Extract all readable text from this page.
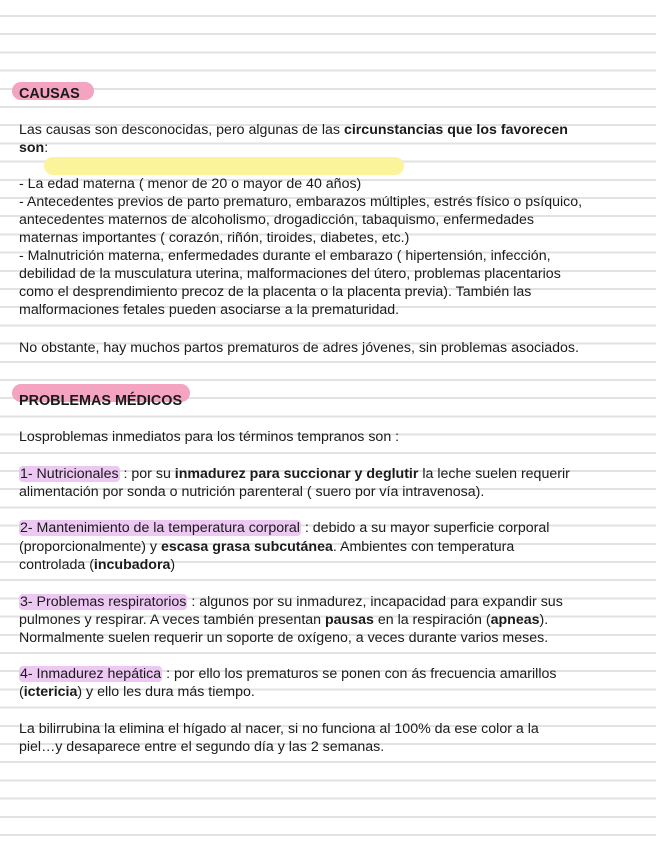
CAUSAS
Las causas son desconocidas, pero algunas de las circunstancias que los favorecen
son:
- La edad materna ( menor de 20 o mayor de 40 años)
- Antecedentes previos de parto prematuro, embarazos múltiples, estrés físico o psíquico,
antecedentes maternos de alcoholismo, drogadicción, tabaquismo, enfermedades
maternas importantes ( corazón, riñón, tiroides, diabetes, etc.)
- Malnutrición materna, enfermedades durante el embarazo ( hipertensión, infección,
debilidad de la musculatura uterina, malformaciones del útero, problemas placentarios
como el desprendimiento precoz de la placenta o la placenta previa). También las
malformaciones fetales pueden asociarse a la prematuridad.
No obstante, hay muchos partos prematuros de adres jóvenes, sin problemas asociados.
PROBLEMAS MÉDICOS
Losproblemas inmediatos para los términos tempranos son :
1- Nutricionales : por su inmadurez para succionar y deglutir la leche suelen requerir
alimentación por sonda o nutrición parenteral ( suero por vía intravenosa).
2- Mantenimiento de la temperatura corporal : debido a su mayor superficie corporal
(proporcionalmente) y escasa grasa subcutánea. Ambientes con temperatura
controlada (incubadora)
3- Problemas respiratorios : algunos por su inmadurez, incapacidad para expandir sus
pulmones y respirar. A veces también presentan pausas en la respiración (apneas).
Normalmente suelen requerir un soporte de oxígeno, a veces durante varios meses.
4- Inmadurez hepática : por ello los prematuros se ponen con ás frecuencia amarillos
(ictericia) y ello les dura más tiempo.
La bilirrubina la elimina el hígado al nacer, si no funciona al 100% da ese color a la
piel…y desaparece entre el segundo día y las 2 semanas.
